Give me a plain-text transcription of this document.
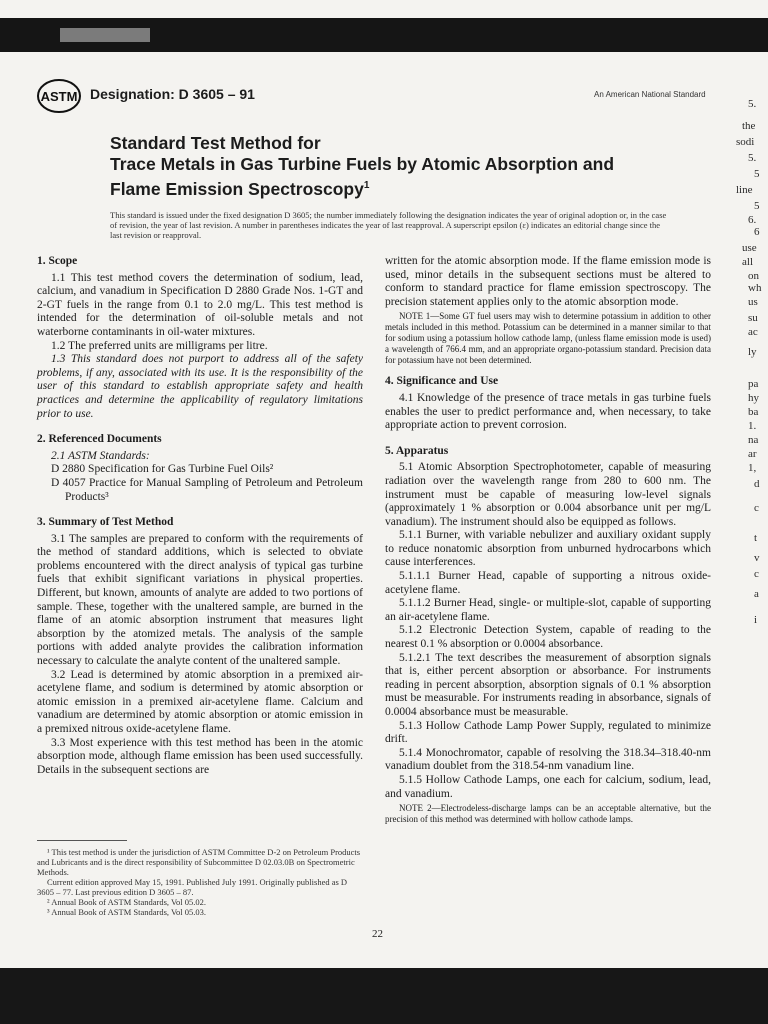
ASTM Designation: D 3605 – 91	An American National Standard
Standard Test Method for
Trace Metals in Gas Turbine Fuels by Atomic Absorption and
Flame Emission Spectroscopy$^1$
This standard is issued under the fixed designation D 3605; the number immediately following the designation indicates the year of original adoption or, in the case of revision, the year of last revision. A number in parentheses indicates the year of last reapproval. A superscript epsilon (ε) indicates an editorial change since the last revision or reapproval.
1. Scope

1.1 This test method covers the determination of sodium, lead, calcium, and vanadium in Specification D 2880 Grade Nos. 1-GT and 2-GT fuels in the range from 0.1 to 2.0 mg/L. This test method is intended for the determination of oil-soluble metals and not waterborne contaminants in oil-water mixtures.

1.2 The preferred units are milligrams per litre.

1.3 This standard does not purport to address all of the safety problems, if any, associated with its use. It is the responsibility of the user of this standard to establish appropriate safety and health practices and determine the applicability of regulatory limitations prior to use.

2. Referenced Documents

2.1 ASTM Standards:

D 2880 Specification for Gas Turbine Fuel Oils²

D 4057 Practice for Manual Sampling of Petroleum and Petroleum Products³

3. Summary of Test Method

3.1 The samples are prepared to conform with the requirements of the method of standard additions, which is selected to obviate problems encountered with the direct analysis of typical gas turbine fuels that exhibit significant variations in physical properties. Different, but known, amounts of analyte are added to two portions of sample. These, together with the unaltered sample, are burned in the flame of an atomic absorption instrument that measures light absorption by the atomized metals. The analysis of the sample portions with added analyte provides the calibration information necessary to calculate the analyte content of the unaltered sample.

3.2 Lead is determined by atomic absorption in a premixed air-acetylene flame, and sodium is determined by atomic absorption or atomic emission in a premixed air-acetylene flame. Calcium and vanadium are determined by atomic absorption or atomic emission in a premixed nitrous oxide-acetylene flame.

3.3 Most experience with this test method has been in the atomic absorption mode, although flame emission has been used successfully. Details in the subsequent sections are

written for the atomic absorption mode. If the flame emission mode is used, minor details in the subsequent sections must be altered to conform to standard practice for flame emission spectroscopy. The precision statement applies only to the atomic absorption mode.

NOTE 1—Some GT fuel users may wish to determine potassium in addition to other metals included in this method. Potassium can be determined in a manner similar to that for sodium using a potassium hollow cathode lamp, (unless flame emission mode is used) a wavelength of 766.4 mm, and an appropriate organo-potassium standard. Precision data for potassium have not been determined.

4. Significance and Use

4.1 Knowledge of the presence of trace metals in gas turbine fuels enables the user to predict performance and, when necessary, to take appropriate action to prevent corrosion.

5. Apparatus

5.1 Atomic Absorption Spectrophotometer, capable of measuring radiation over the wavelength range from 280 to 600 nm. The instrument must be capable of measuring low-level signals (approximately 1 % absorption or 0.004 absorbance unit per mg/L vanadium). The instrument should also be equipped as follows.

5.1.1 Burner, with variable nebulizer and auxiliary oxidant supply to reduce nonatomic absorption from unburned hydrocarbons which cause interferences.

5.1.1.1 Burner Head, capable of supporting a nitrous oxide-acetylene flame.

5.1.1.2 Burner Head, single- or multiple-slot, capable of supporting an air-acetylene flame.

5.1.2 Electronic Detection System, capable of reading to the nearest 0.1 % absorption or 0.0004 absorbance.

5.1.2.1 The text describes the measurement of absorption signals that is, either percent absorption or absorbance. For instruments reading in percent absorption, absorption signals of 0.1 % absorption must be measurable. For instruments reading in absorbance, signals of 0.0004 absorbance must be measurable.

5.1.3 Hollow Cathode Lamp Power Supply, regulated to minimize drift.

5.1.4 Monochromator, capable of resolving the 318.34–318.40-nm vanadium doublet from the 318.54-nm vanadium line.

5.1.5 Hollow Cathode Lamps, one each for calcium, sodium, lead, and vanadium.

NOTE 2—Electrodeless-discharge lamps can be an acceptable alternative, but the precision of this method was determined with hollow cathode lamps.

¹ This test method is under the jurisdiction of ASTM Committee D-2 on Petroleum Products and Lubricants and is the direct responsibility of Subcommittee D 02.03.0B on Spectrometric Methods.

Current edition approved May 15, 1991. Published July 1991. Originally published as D 3605 – 77. Last previous edition D 3605 – 87.

² Annual Book of ASTM Standards, Vol 05.02.

³ Annual Book of ASTM Standards, Vol 05.03.

22
5.
the
sodi
5.
5
line
5
6.
6
use
all
on
wh
us
su
ac
ly
pa
hy
ba
1.
na
ar
1,
d
c
t
v
c
a
i
